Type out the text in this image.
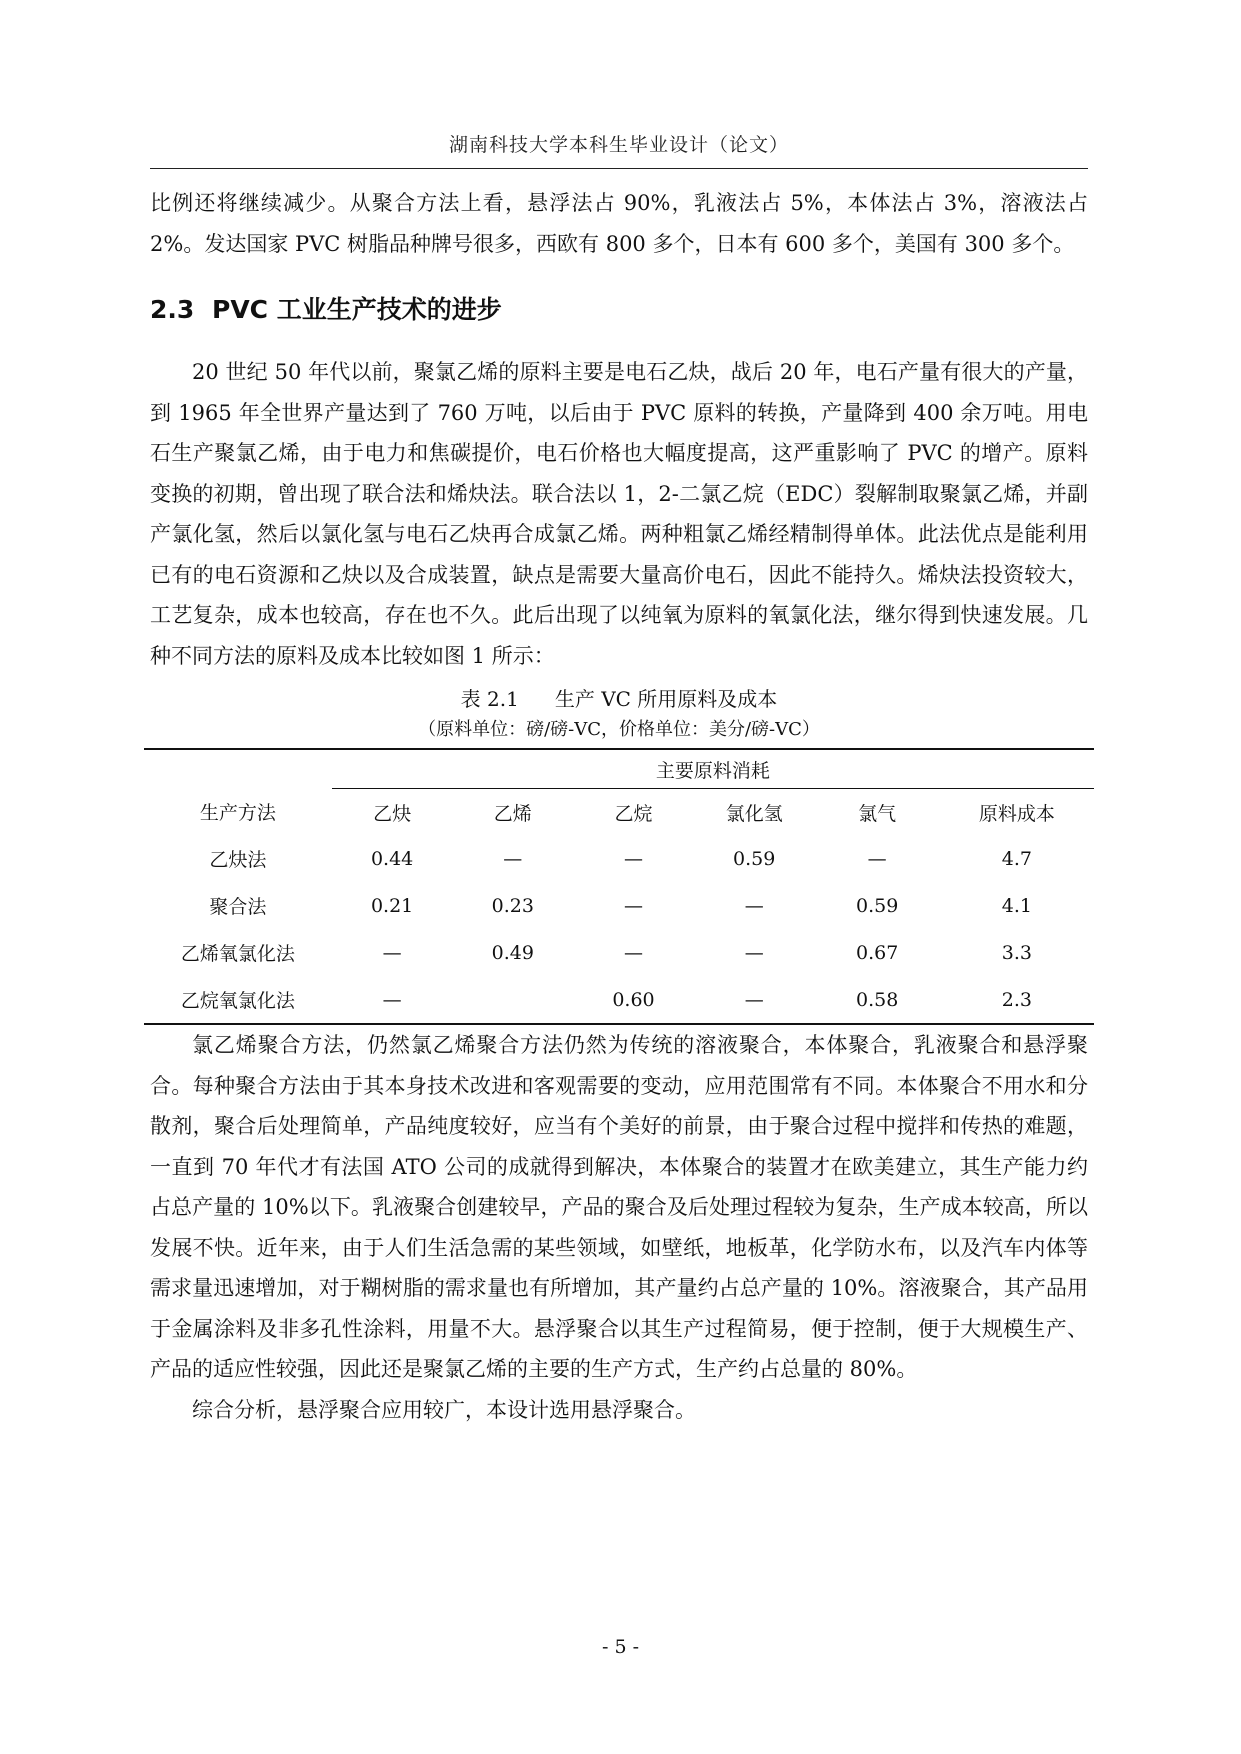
湖南科技大学本科生毕业设计（论文）

比例还将继续减少。从聚合方法上看，悬浮法占 90%，乳液法占 5%，本体法占 3%，溶液法占 2%。发达国家 PVC 树脂品种牌号很多，西欧有 800 多个，日本有 600 多个，美国有 300 多个。

2.3 PVC 工业生产技术的进步

20 世纪 50 年代以前，聚氯乙烯的原料主要是电石乙炔，战后 20 年，电石产量有很大的产量，到 1965 年全世界产量达到了 760 万吨，以后由于 PVC 原料的转换，产量降到 400 余万吨。用电石生产聚氯乙烯，由于电力和焦碳提价，电石价格也大幅度提高，这严重影响了 PVC 的增产。原料变换的初期，曾出现了联合法和烯炔法。联合法以 1，2-二氯乙烷（EDC）裂解制取聚氯乙烯，并副产氯化氢，然后以氯化氢与电石乙炔再合成氯乙烯。两种粗氯乙烯经精制得单体。此法优点是能利用已有的电石资源和乙炔以及合成装置，缺点是需要大量高价电石，因此不能持久。烯炔法投资较大，工艺复杂，成本也较高，存在也不久。此后出现了以纯氧为原料的氧氯化法，继尔得到快速发展。几种不同方法的原料及成本比较如图 1 所示：

表 2.1 生产 VC 所用原料及成本
（原料单位：磅/磅-VC，价格单位：美分/磅-VC）

	主要原料消耗					
生产方法	乙炔	乙烯	乙烷	氯化氢	氯气	原料成本
乙炔法	0.44	—	—	0.59	—	4.7
聚合法	0.21	0.23	—	—	0.59	4.1
乙烯氧氯化法	—	0.49	—	—	0.67	3.3
乙烷氧氯化法	—		0.60	—	0.58	2.3

氯乙烯聚合方法，仍然氯乙烯聚合方法仍然为传统的溶液聚合，本体聚合，乳液聚合和悬浮聚合。每种聚合方法由于其本身技术改进和客观需要的变动，应用范围常有不同。本体聚合不用水和分散剂，聚合后处理简单，产品纯度较好，应当有个美好的前景，由于聚合过程中搅拌和传热的难题，一直到 70 年代才有法国 ATO 公司的成就得到解决，本体聚合的装置才在欧美建立，其生产能力约占总产量的 10%以下。乳液聚合创建较早，产品的聚合及后处理过程较为复杂，生产成本较高，所以发展不快。近年来，由于人们生活急需的某些领域，如壁纸，地板革，化学防水布，以及汽车内体等需求量迅速增加，对于糊树脂的需求量也有所增加，其产量约占总产量的 10%。溶液聚合，其产品用于金属涂料及非多孔性涂料，用量不大。悬浮聚合以其生产过程简易，便于控制，便于大规模生产、产品的适应性较强，因此还是聚氯乙烯的主要的生产方式，生产约占总量的 80%。

综合分析，悬浮聚合应用较广，本设计选用悬浮聚合。

- 5 -
